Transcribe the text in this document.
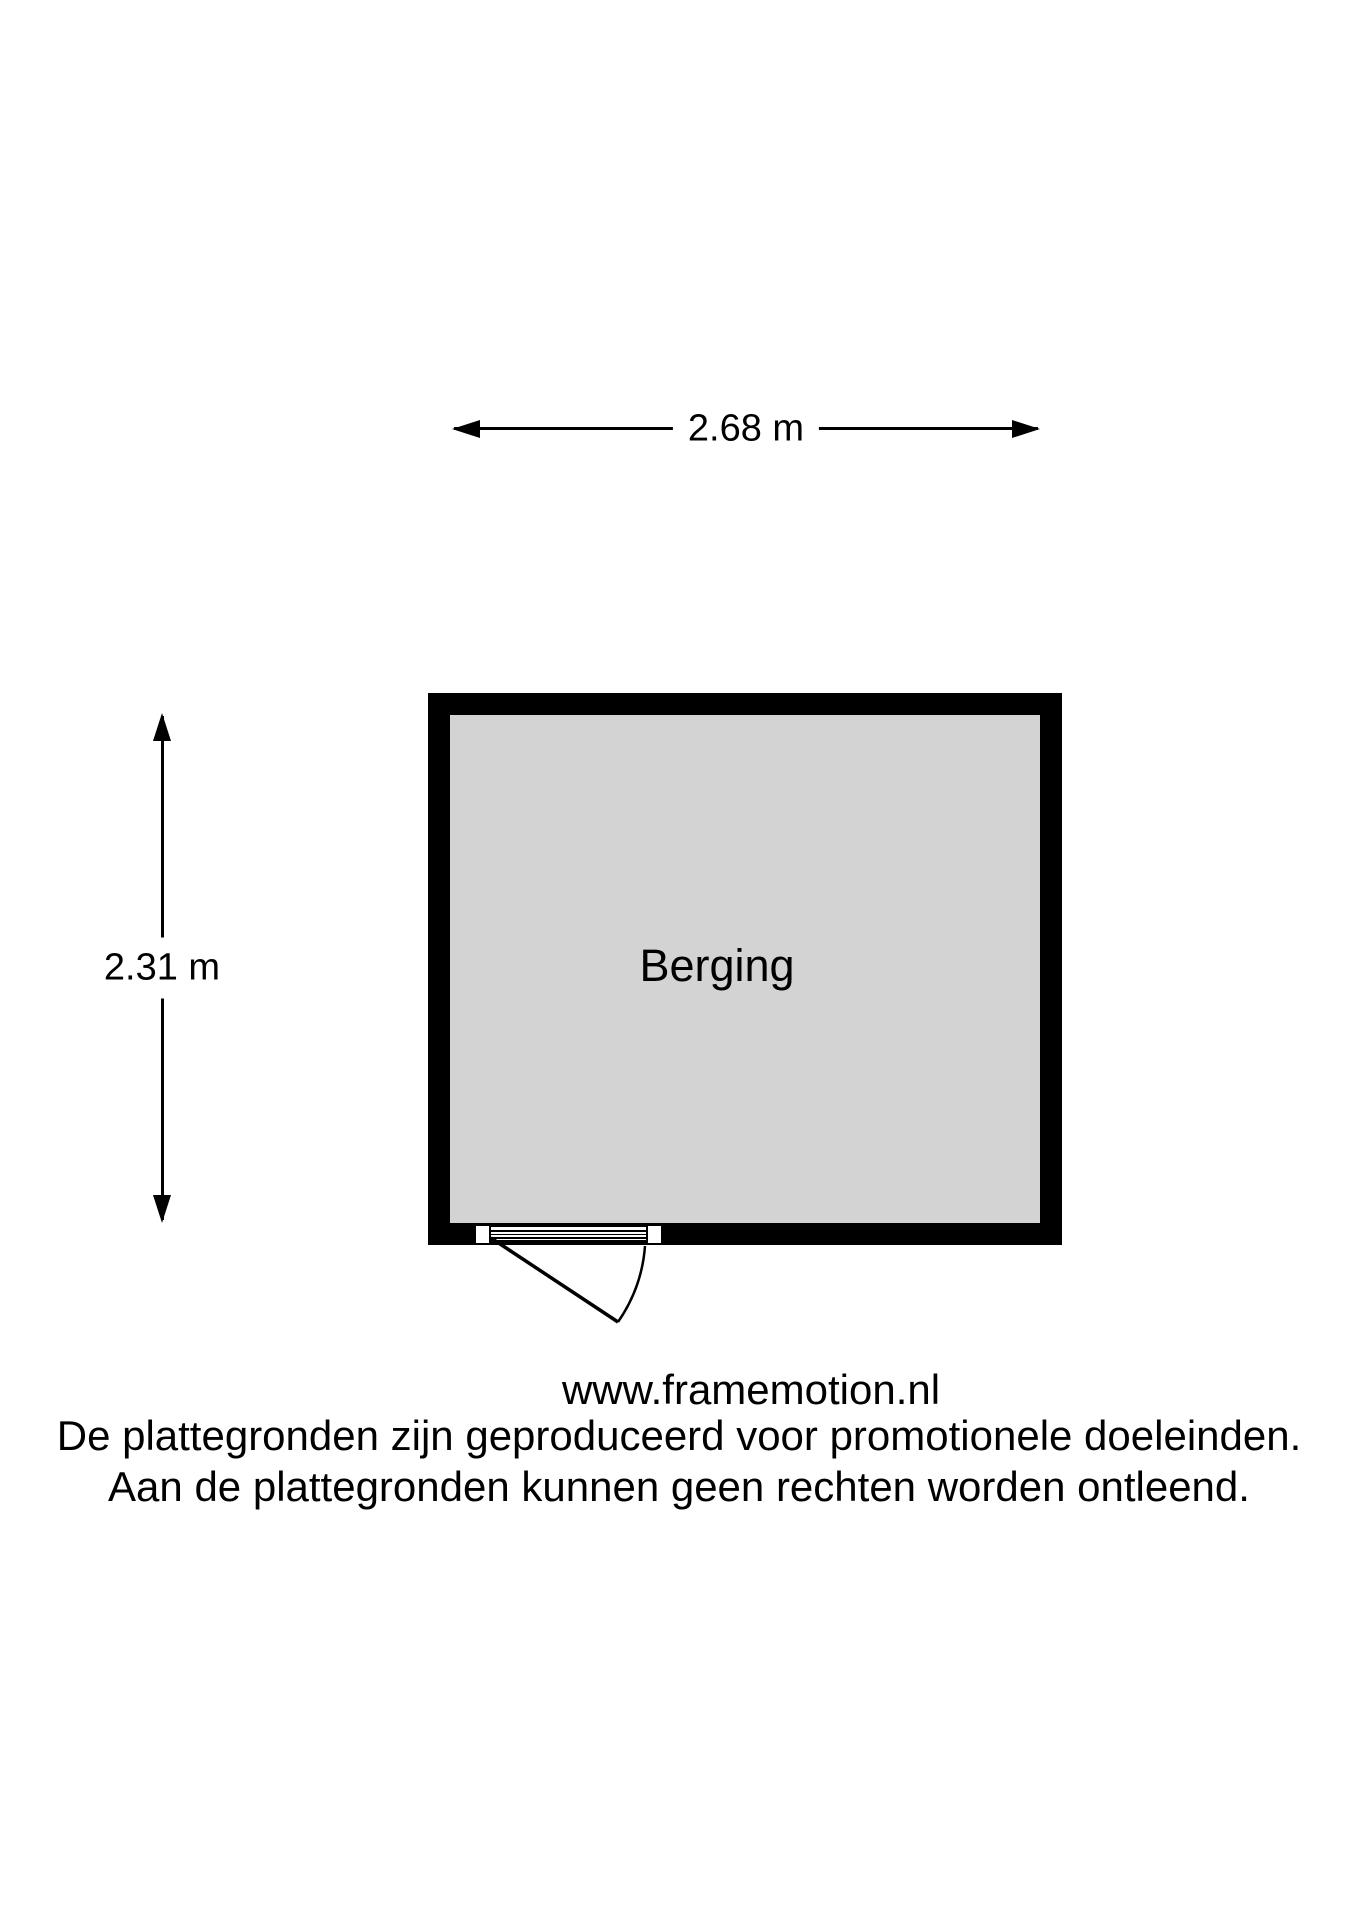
2.68 m
2.31 m	Berging
www.framemotion.nl
De plattegronden zijn geproduceerd voor promotionele doeleinden.
Aan de plattegronden kunnen geen rechten worden ontleend.
